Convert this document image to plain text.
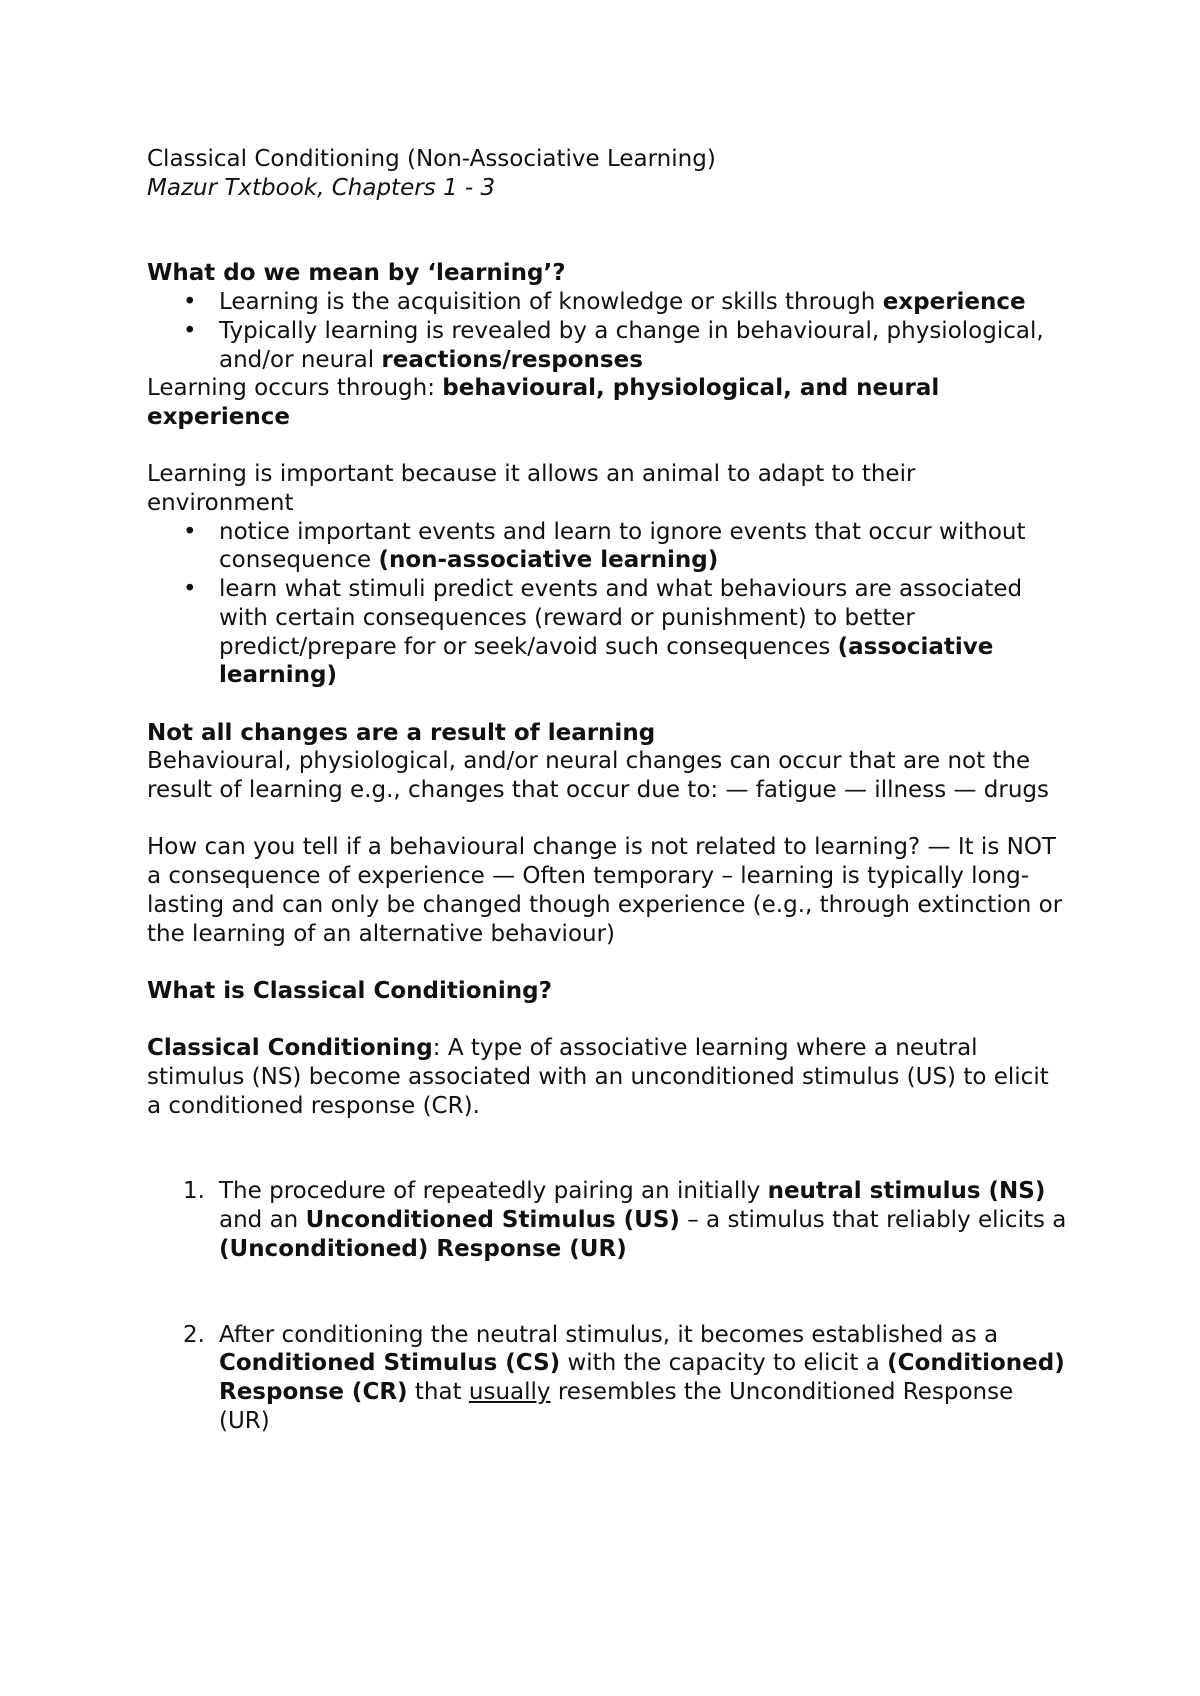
Classical Conditioning (Non-Associative Learning)

Mazur Txtbook, Chapters 1 - 3

What do we mean by ‘learning’?

• Learning is the acquisition of knowledge or skills through experience
• Typically learning is revealed by a change in behavioural, physiological, and/or neural reactions/responses

Learning occurs through: behavioural, physiological, and neural experience

Learning is important because it allows an animal to adapt to their environment

• notice important events and learn to ignore events that occur without consequence (non-associative learning)
• learn what stimuli predict events and what behaviours are associated with certain consequences (reward or punishment) to better predict/prepare for or seek/avoid such consequences (associative learning)

Not all changes are a result of learning

Behavioural, physiological, and/or neural changes can occur that are not the result of learning e.g., changes that occur due to: — fatigue — illness — drugs

How can you tell if a behavioural change is not related to learning? — It is NOT a consequence of experience — Often temporary – learning is typically long-lasting and can only be changed though experience (e.g., through extinction or the learning of an alternative behaviour)

What is Classical Conditioning?

Classical Conditioning: A type of associative learning where a neutral stimulus (NS) become associated with an unconditioned stimulus (US) to elicit a conditioned response (CR).

1. The procedure of repeatedly pairing an initially neutral stimulus (NS) and an Unconditioned Stimulus (US) – a stimulus that reliably elicits a (Unconditioned) Response (UR)
2. After conditioning the neutral stimulus, it becomes established as a Conditioned Stimulus (CS) with the capacity to elicit a (Conditioned) Response (CR) that usually resembles the Unconditioned Response (UR)
